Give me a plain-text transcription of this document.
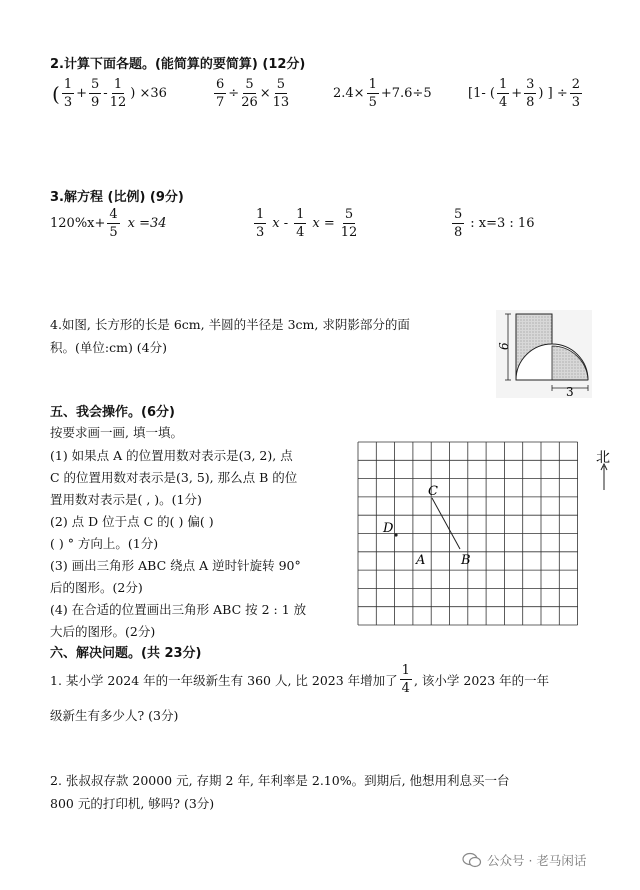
2.计算下面各题。(能简算的要简算) (12分)
( $\frac{1}{3} + \frac{5}{9} - \frac{1}{12}$ ) ×36	$\frac{6}{7} \div \frac{5}{26} \times \frac{5}{13}$	$2.4\times \frac{1}{5} +7.6\div 5$	[1- ( $\frac{1}{4} + \frac{3}{8}$ ) ] ÷ $\frac{2}{3}$
3.解方程 (比例) (9分)
$120\%x+ \frac{4}{5}$ x =34	$\frac{1}{3}$ x - $\frac{1}{4}$ $x = \frac{5}{12}$	$\frac{5}{8}$ : x=3 : 16
4.如图, 长方形的长是 6cm, 半圆的半径是 3cm, 求阴影部分的面
积。(单位:cm) (4分)	6
3
五、我会操作。(6分)
按要求画一画, 填一填。
(1) 如果点 A 的位置用数对表示是(3, 2), 点
C 的位置用数对表示是(3, 5), 那么点 B 的位
置用数对表示是( , )。(1分)
(2) 点 D 位于点 C 的( ) 偏( )
( ) ° 方向上。(1分)
(3) 画出三角形 ABC 绕点 A 逆时针旋转 90°
后的图形。(2分)
(4) 在合适的位置画出三角形 ABC 按 2 : 1 放
大后的图形。(2分)
C
D
A	B
北
六、解决问题。(共 23分)
1. 某小学 2024 年的一年级新生有 360 人, 比 2023 年增加了 $\frac{1}{4}$ , 该小学 2023 年的一年
级新生有多少人? (3分)
2. 张叔叔存款 20000 元, 存期 2 年, 年利率是 2.10%。到期后, 他想用利息买一台
800 元的打印机, 够吗? (3分)
公众号 · 老马闲话
